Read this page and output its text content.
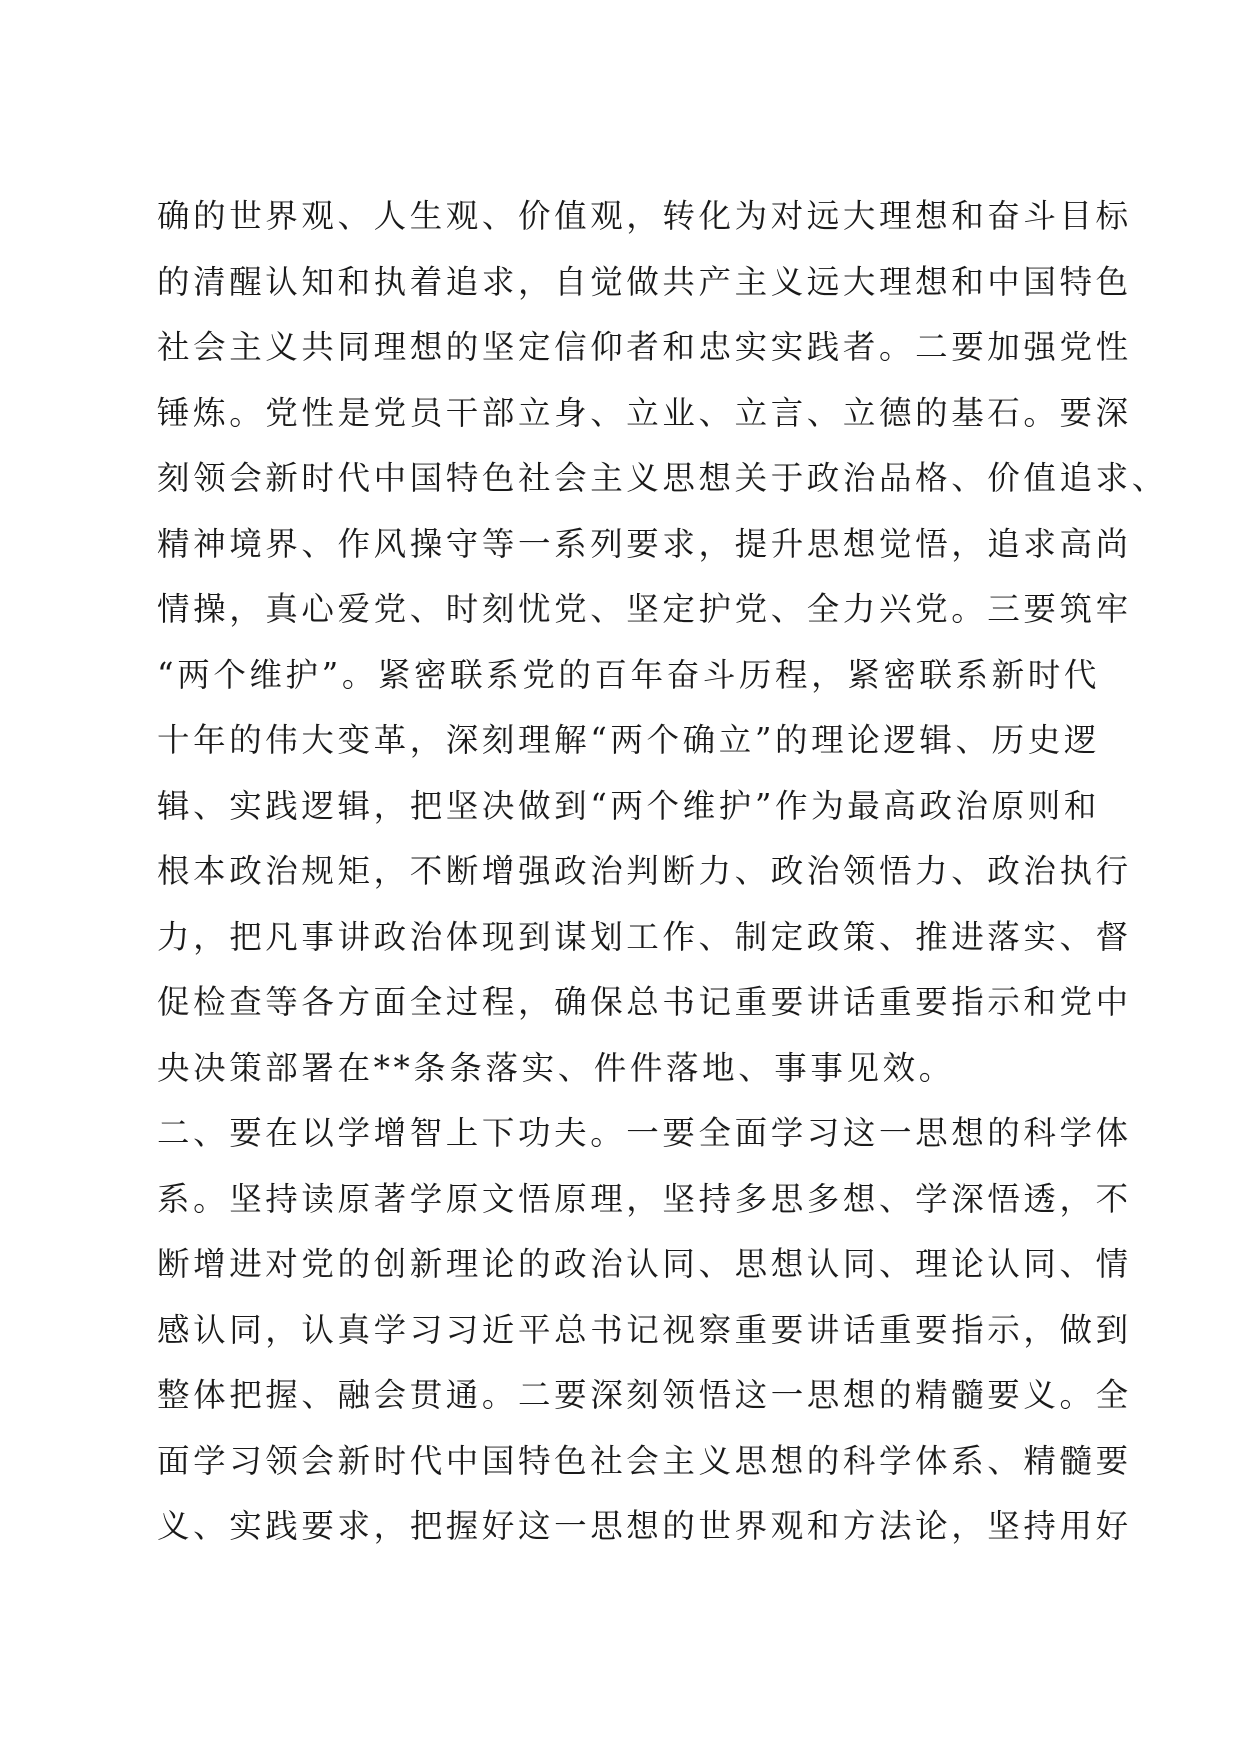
确的世界观、人生观、价值观，转化为对远大理想和奋斗目标
的清醒认知和执着追求，自觉做共产主义远大理想和中国特色
社会主义共同理想的坚定信仰者和忠实实践者。二要加强党性
锤炼。党性是党员干部立身、立业、立言、立德的基石。要深
刻领会新时代中国特色社会主义思想关于政治品格、价值追求、
精神境界、作风操守等一系列要求，提升思想觉悟，追求高尚
情操，真心爱党、时刻忧党、坚定护党、全力兴党。三要筑牢
“两个维护”。紧密联系党的百年奋斗历程，紧密联系新时代
十年的伟大变革，深刻理解“两个确立”的理论逻辑、历史逻
辑、实践逻辑，把坚决做到“两个维护”作为最高政治原则和
根本政治规矩，不断增强政治判断力、政治领悟力、政治执行
力，把凡事讲政治体现到谋划工作、制定政策、推进落实、督
促检查等各方面全过程，确保总书记重要讲话重要指示和党中
央决策部署在**条条落实、件件落地、事事见效。
二、要在以学增智上下功夫。一要全面学习这一思想的科学体
系。坚持读原著学原文悟原理，坚持多思多想、学深悟透，不
断增进对党的创新理论的政治认同、思想认同、理论认同、情
感认同，认真学习习近平总书记视察重要讲话重要指示，做到
整体把握、融会贯通。二要深刻领悟这一思想的精髓要义。全
面学习领会新时代中国特色社会主义思想的科学体系、精髓要
义、实践要求，把握好这一思想的世界观和方法论，坚持用好
